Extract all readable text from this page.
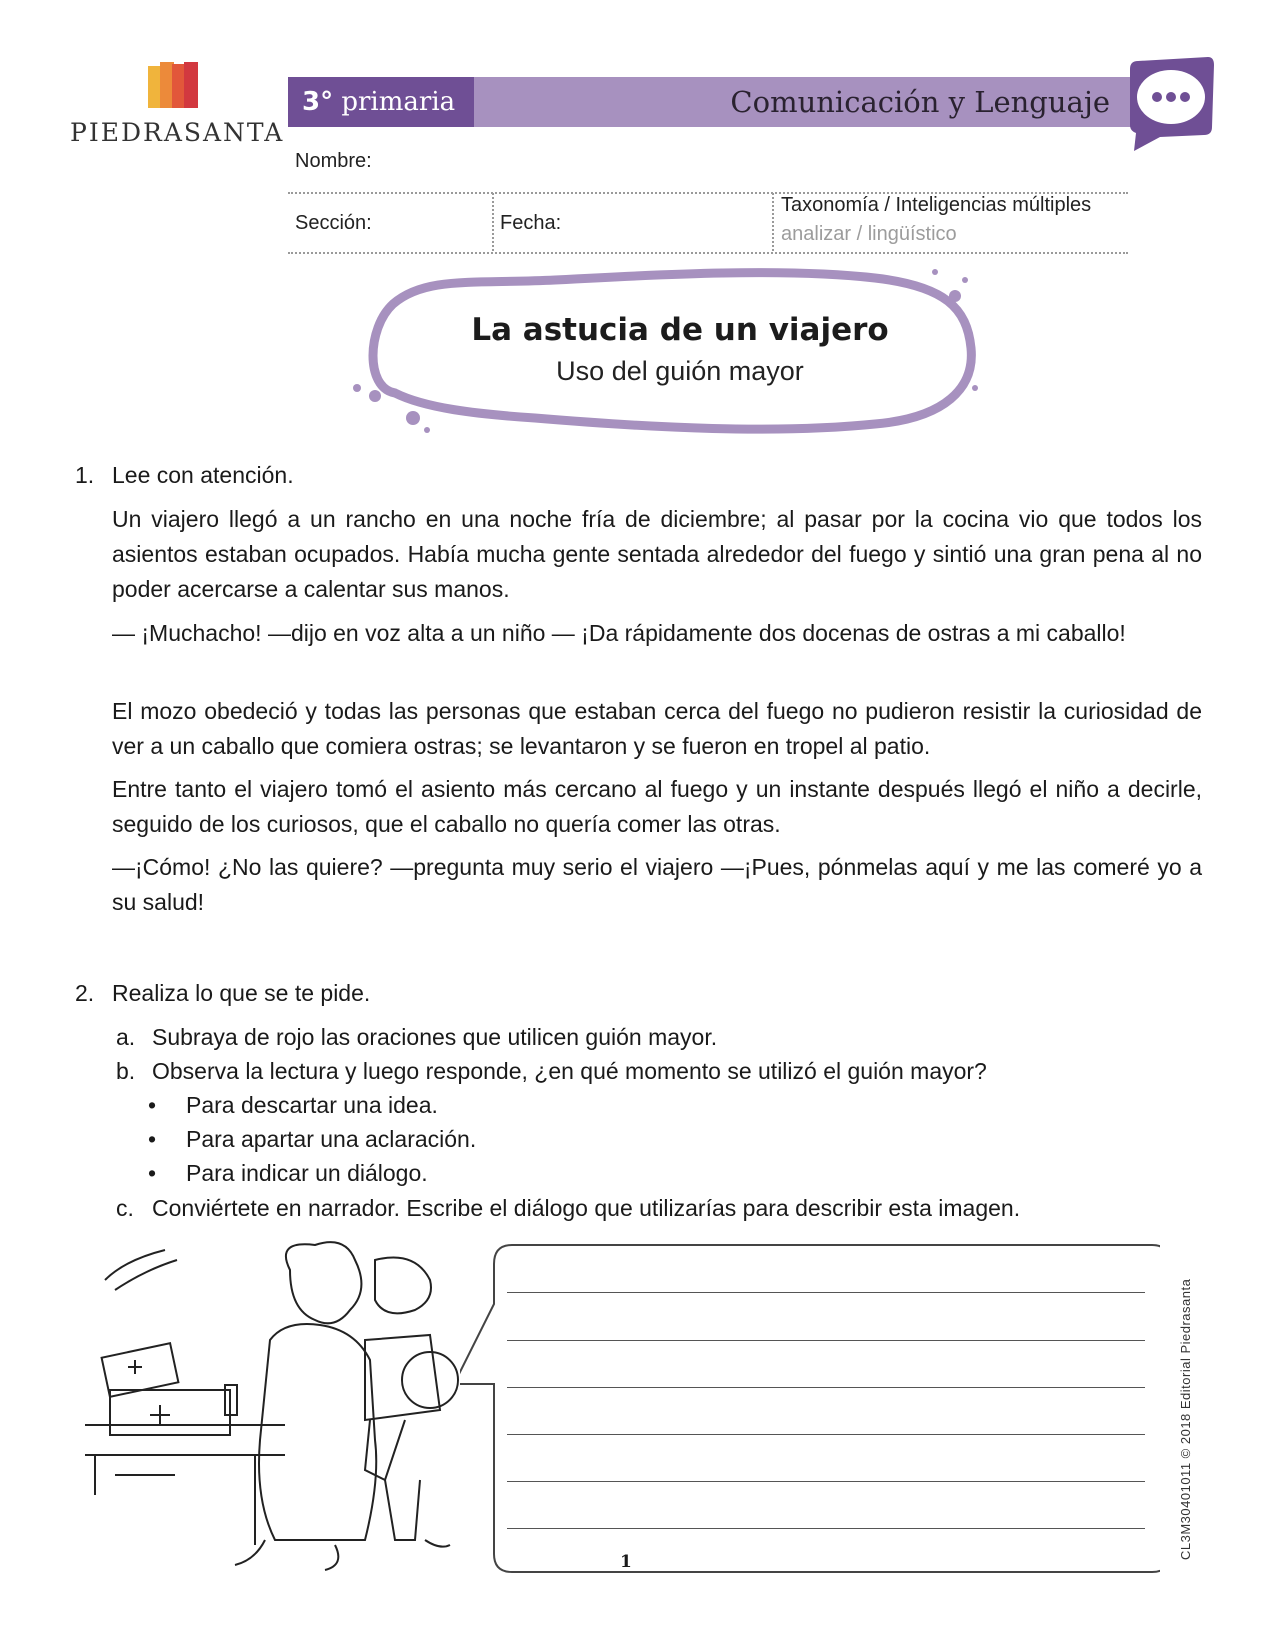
PIEDRASANTA
3° primaria	Comunicación y Lenguaje
Nombre:
Sección:	Fecha:
Taxonomía / Inteligencias múltiples
analizar / lingüístico
La astucia de un viajero
Uso del guión mayor
1. Lee con atención.
Un viajero llegó a un rancho en una noche fría de diciembre; al pasar por la cocina vio que todos los asientos estaban ocupados. Había mucha gente sentada alrededor del fuego y sintió una gran pena al no poder acercarse a calentar sus manos.
— ¡Muchacho! —dijo en voz alta a un niño — ¡Da rápidamente dos docenas de ostras a mi caballo!
El mozo obedeció y todas las personas que estaban cerca del fuego no pudieron resistir la curiosidad de ver a un caballo que comiera ostras; se levantaron y se fueron en tropel al patio.
Entre tanto el viajero tomó el asiento más cercano al fuego y un instante después llegó el niño a decirle, seguido de los curiosos, que el caballo no quería comer las otras.
—¡Cómo! ¿No las quiere? —pregunta muy serio el viajero —¡Pues, pónmelas aquí y me las comeré yo a su salud!
2. Realiza lo que se te pide.
a. Subraya de rojo las oraciones que utilicen guión mayor.
b. Observa la lectura y luego responde, ¿en qué momento se utilizó el guión mayor?
• Para descartar una idea.
• Para apartar una aclaración.
• Para indicar un diálogo.
c. Conviértete en narrador. Escribe el diálogo que utilizarías para describir esta imagen.
CL3M30401011 © 2018 Editorial Piedrasanta
1
